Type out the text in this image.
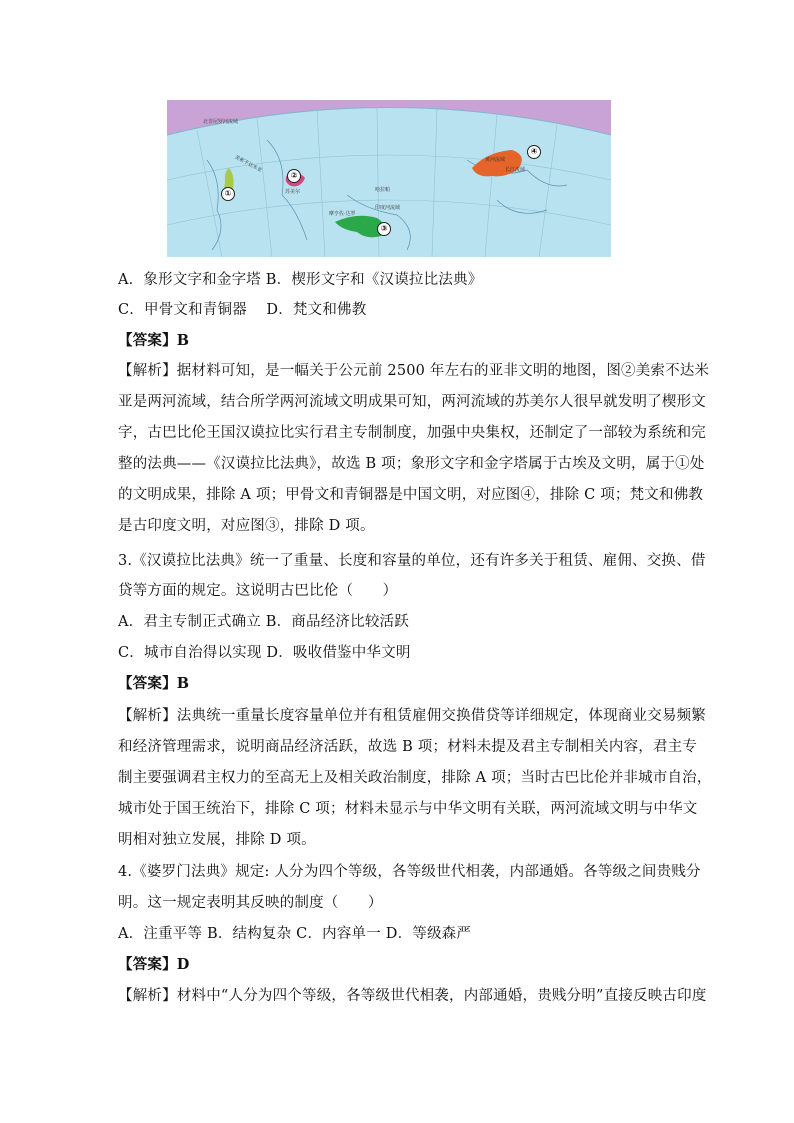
北非尼罗河流域
美索不达米亚
苏美尔	哈拉帕
摩亨佐·达罗
印度河流域
黄河流域
长江流域
①
②
③
④
A．象形文字和金字塔 B．楔形文字和《汉谟拉比法典》
C．甲骨文和青铜器　 D．梵文和佛教
【答案】B
【解析】据材料可知，是一幅关于公元前 2500 年左右的亚非文明的地图，图②美索不达米
亚是两河流域，结合所学两河流域文明成果可知，两河流域的苏美尔人很早就发明了楔形文
字，古巴比伦王国汉谟拉比实行君主专制制度，加强中央集权，还制定了一部较为系统和完
整的法典——《汉谟拉比法典》，故选 B 项；象形文字和金字塔属于古埃及文明，属于①处
的文明成果，排除 A 项；甲骨文和青铜器是中国文明，对应图④，排除 C 项；梵文和佛教
是古印度文明，对应图③，排除 D 项。
3.《汉谟拉比法典》统一了重量、长度和容量的单位，还有许多关于租赁、雇佣、交换、借
贷等方面的规定。这说明古巴比伦（　　）
A．君主专制正式确立 B．商品经济比较活跃
C．城市自治得以实现 D．吸收借鉴中华文明
【答案】B
【解析】法典统一重量长度容量单位并有租赁雇佣交换借贷等详细规定，体现商业交易频繁
和经济管理需求，说明商品经济活跃，故选 B 项；材料未提及君主专制相关内容，君主专
制主要强调君主权力的至高无上及相关政治制度，排除 A 项；当时古巴比伦并非城市自治，
城市处于国王统治下，排除 C 项；材料未显示与中华文明有关联，两河流域文明与中华文
明相对独立发展，排除 D 项。
4.《婆罗门法典》规定: 人分为四个等级，各等级世代相袭，内部通婚。各等级之间贵贱分
明。这一规定表明其反映的制度（　　）
A．注重平等 B．结构复杂 C．内容单一 D．等级森严
【答案】D
【解析】材料中“人分为四个等级，各等级世代相袭，内部通婚，贵贱分明”直接反映古印度
